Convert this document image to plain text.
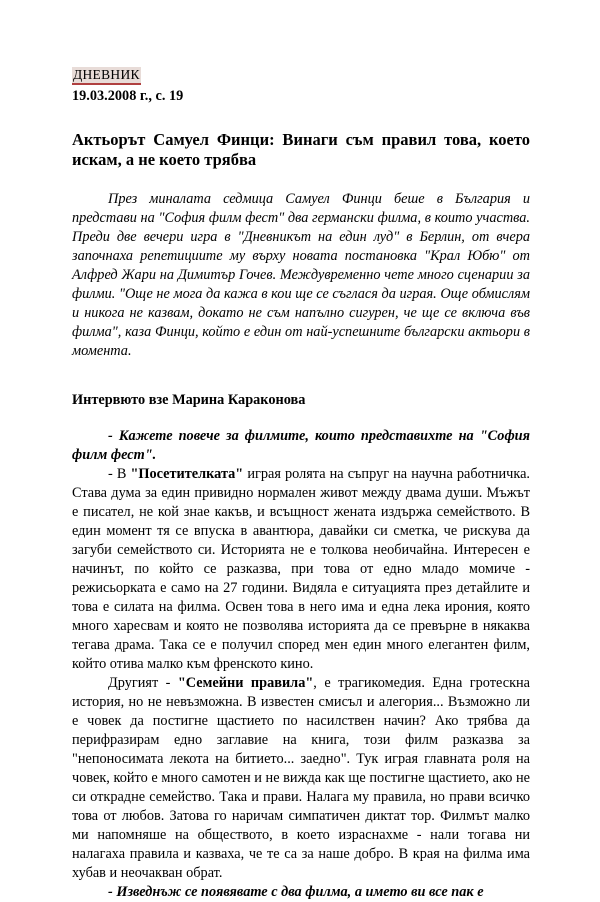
ДНЕВНИК
19.03.2008 г., с. 19
Актьорът Самуел Финци: Винаги съм правил това, което искам, а не което трябва

През миналата седмица Самуел Финци беше в България и представи на "София филм фест" два германски филма, в които участва. Преди две вечери игра в "Дневникът на един луд" в Берлин, от вчера започнаха репетициите му върху новата постановка "Крал Юбю" от Алфред Жари на Димитър Гочев. Междувременно чете много сценарии за филми. "Още не мога да кажа в кои ще се съглася да играя. Още обмислям и никога не казвам, докато не съм напълно сигурен, че ще се включа във филма", каза Финци, който е един от най-успешните български актьори в момента.

Интервюто взе Марина Караконова

- Кажете повече за филмите, които представихте на "София филм фест".

- В "Посетителката" играя ролята на съпруг на научна работничка. Става дума за един привидно нормален живот между двама души. Мъжът е писател, не кой знае какъв, и всъщност жената издържа семейството. В един момент тя се впуска в авантюра, давайки си сметка, че рискува да загуби семейството си. Историята не е толкова необичайна. Интересен е начинът, по който се разказва, при това от едно младо момиче - режисьорката е само на 27 години. Видяла е ситуацията през детайлите и това е силата на филма. Освен това в него има и една лека ирония, която много харесвам и която не позволява историята да се превърне в някаква тегава драма. Така се е получил според мен един много елегантен филм, който отива малко към френското кино.

Другият - "Семейни правила", е трагикомедия. Една гротескна история, но не невъзможна. В известен смисъл и алегория... Възможно ли е човек да постигне щастието по насилствен начин? Ако трябва да перифразирам едно заглавие на книга, този филм разказва за "непоносимата лекота на битието... заедно". Тук играя главната роля на човек, който е много самотен и не вижда как ще постигне щастието, ако не си открадне семейство. Така и прави. Налага му правила, но прави всичко това от любов. Затова го наричам симпатичен диктат тор. Филмът малко ми напомняше на обществото, в което израснахме - нали тогава ни налагаха правила и казваха, че те са за наше добро. В края на филма има хубав и неочакван обрат.

- Изведнъж се появявате с два филма, а името ви все пак е
